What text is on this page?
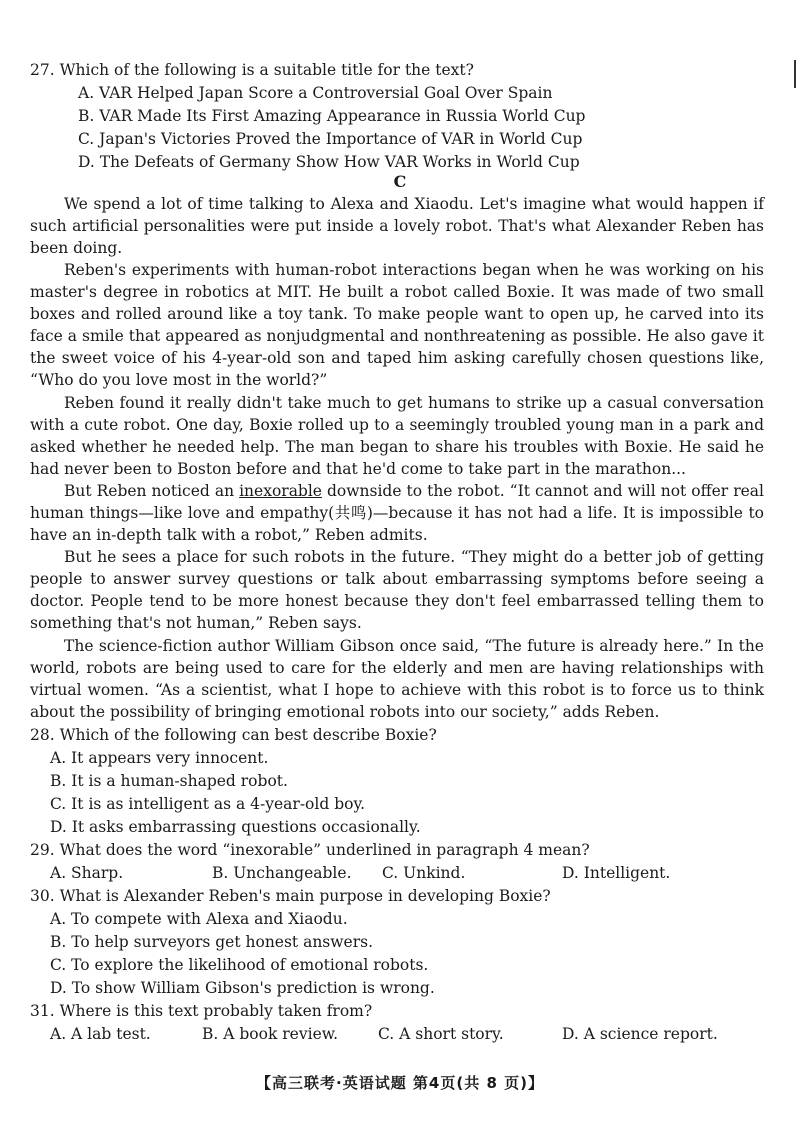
27. Which of the following is a suitable title for the text?
A. VAR Helped Japan Score a Controversial Goal Over Spain
B. VAR Made Its First Amazing Appearance in Russia World Cup
C. Japan's Victories Proved the Importance of VAR in World Cup
D. The Defeats of Germany Show How VAR Works in World Cup
C
We spend a lot of time talking to Alexa and Xiaodu. Let's imagine what would happen if
such artificial personalities were put inside a lovely robot. That's what Alexander Reben has
been doing.
Reben's experiments with human-robot interactions began when he was working on his
master's degree in robotics at MIT. He built a robot called Boxie. It was made of two small
boxes and rolled around like a toy tank. To make people want to open up, he carved into its
face a smile that appeared as nonjudgmental and nonthreatening as possible. He also gave it
the sweet voice of his 4-year-old son and taped him asking carefully chosen questions like,
“Who do you love most in the world?”
Reben found it really didn't take much to get humans to strike up a casual conversation
with a cute robot. One day, Boxie rolled up to a seemingly troubled young man in a park and
asked whether he needed help. The man began to share his troubles with Boxie. He said he
had never been to Boston before and that he'd come to take part in the marathon...
But Reben noticed an inexorable downside to the robot. “It cannot and will not offer real
human things—like love and empathy(共鸣)—because it has not had a life. It is impossible to
have an in-depth talk with a robot,” Reben admits.
But he sees a place for such robots in the future. “They might do a better job of getting
people to answer survey questions or talk about embarrassing symptoms before seeing a
doctor. People tend to be more honest because they don't feel embarrassed telling them to
something that's not human,” Reben says.
The science-fiction author William Gibson once said, “The future is already here.” In the
world, robots are being used to care for the elderly and men are having relationships with
virtual women. “As a scientist, what I hope to achieve with this robot is to force us to think
about the possibility of bringing emotional robots into our society,” adds Reben.
28. Which of the following can best describe Boxie?
A. It appears very innocent.
B. It is a human-shaped robot.
C. It is as intelligent as a 4-year-old boy.
D. It asks embarrassing questions occasionally.
29. What does the word “inexorable” underlined in paragraph 4 mean?
A. Sharp.	B. Unchangeable. C. Unkind.	D. Intelligent.
30. What is Alexander Reben's main purpose in developing Boxie?
A. To compete with Alexa and Xiaodu.
B. To help surveyors get honest answers.
C. To explore the likelihood of emotional robots.
D. To show William Gibson's prediction is wrong.
31. Where is this text probably taken from?
A. A lab test.	B. A book review.	C. A short story.	D. A science report.
【高三联考·英语试题 第4页(共 8 页)】
